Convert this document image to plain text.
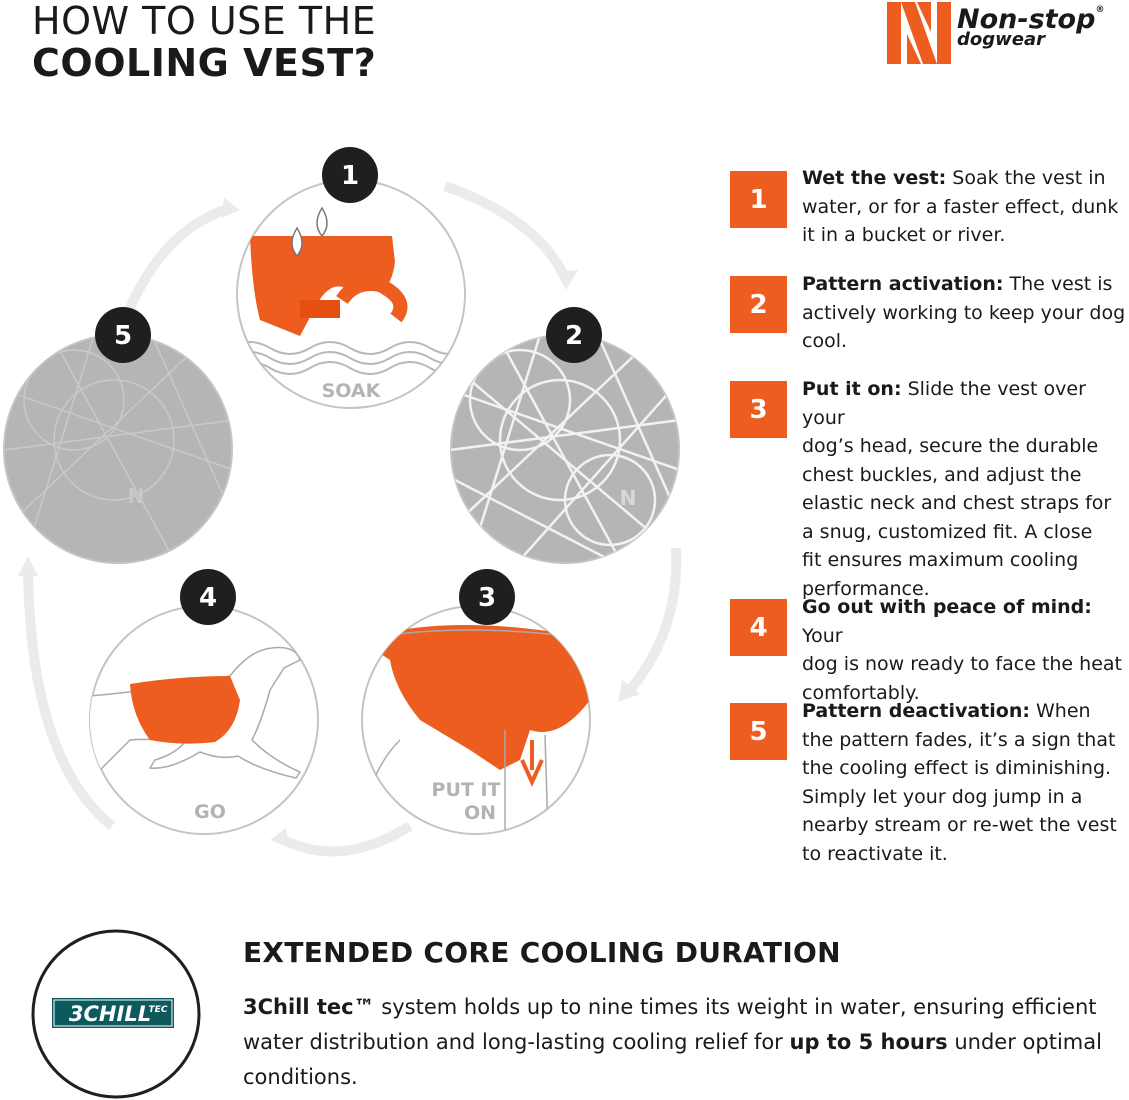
HOW TO USE THE
COOLING VEST?
Non-stop®
dogwear
SOAK
N
PUT IT
ON
GO
N
1
2
3
4
5
1
Wet the vest: Soak the vest in
water, or for a faster effect, dunk
it in a bucket or river.
2
Pattern activation: The vest is
actively working to keep your dog
cool.
3
Put it on: Slide the vest over your
dog’s head, secure the durable
chest buckles, and adjust the
elastic neck and chest straps for
a snug, customized fit. A close
fit ensures maximum cooling
performance.
4
Go out with peace of mind: Your
dog is now ready to face the heat
comfortably.
5
Pattern deactivation: When
the pattern fades, it’s a sign that
the cooling effect is diminishing.
Simply let your dog jump in a
nearby stream or re-wet the vest
to reactivate it.
3CHILL
TEC
EXTENDED CORE COOLING DURATION
3Chill tec™ system holds up to nine times its weight in water, ensuring efficient
water distribution and long-lasting cooling relief for up to 5 hours under optimal
conditions.
